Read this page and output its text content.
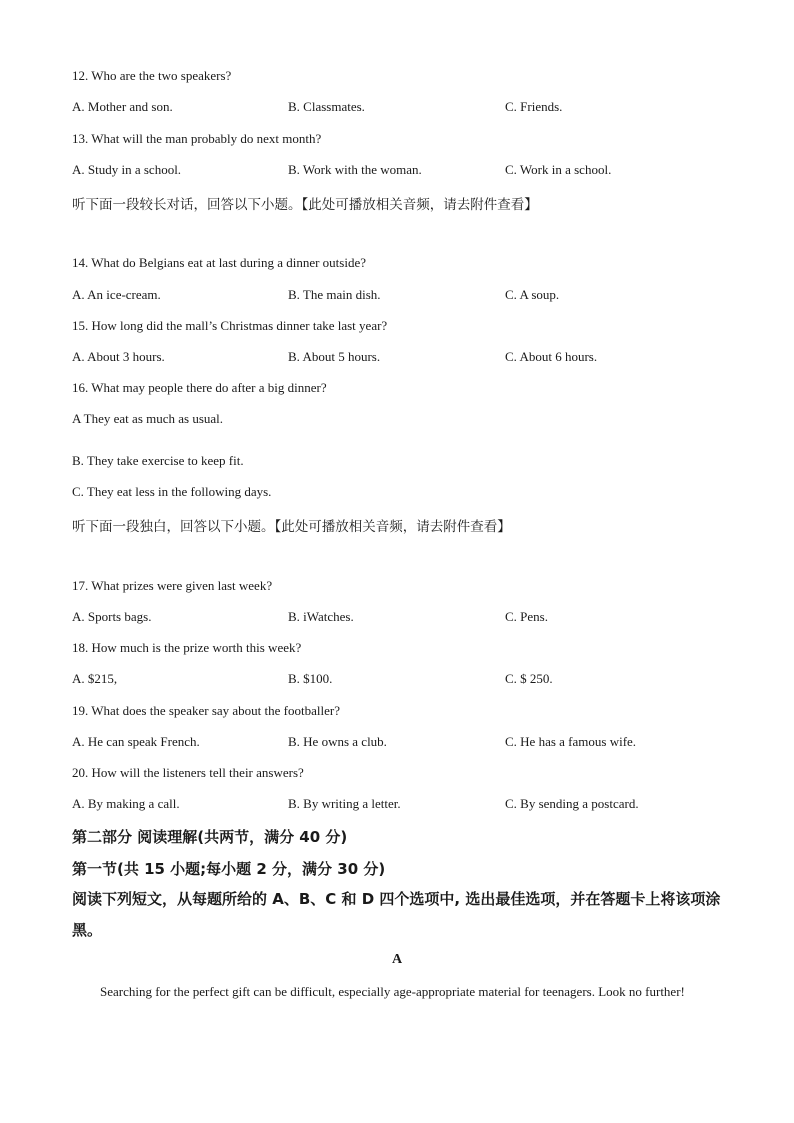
12. Who are the two speakers?
A. Mother and son.	B. Classmates.	C. Friends.
13. What will the man probably do next month?
A. Study in a school.	B. Work with the woman.	C. Work in a school.
听下面一段较长对话，回答以下小题。【此处可播放相关音频，请去附件查看】
14. What do Belgians eat at last during a dinner outside?
A. An ice-cream.	B. The main dish.	C. A soup.
15. How long did the mall’s Christmas dinner take last year?
A. About 3 hours.	B. About 5 hours.	C. About 6 hours.
16. What may people there do after a big dinner?
A They eat as much as usual.
B. They take exercise to keep fit.
C. They eat less in the following days.
听下面一段独白，回答以下小题。【此处可播放相关音频，请去附件查看】
17. What prizes were given last week?
A. Sports bags.	B. iWatches.	C. Pens.
18. How much is the prize worth this week?
A. $215,	B. $100.	C. $ 250.
19. What does the speaker say about the footballer?
A. He can speak French.	B. He owns a club.	C. He has a famous wife.
20. How will the listeners tell their answers?
A. By making a call.	B. By writing a letter.	C. By sending a postcard.
第二部分 阅读理解(共两节，满分 40 分)
第一节(共 15 小题;每小题 2 分，满分 30 分)
阅读下列短文，从每题所给的 A、B、C 和 D 四个选项中, 选出最佳选项，并在答题卡上将该项涂黑。
A
Searching for the perfect gift can be difficult, especially age-appropriate material for teenagers. Look no further!
